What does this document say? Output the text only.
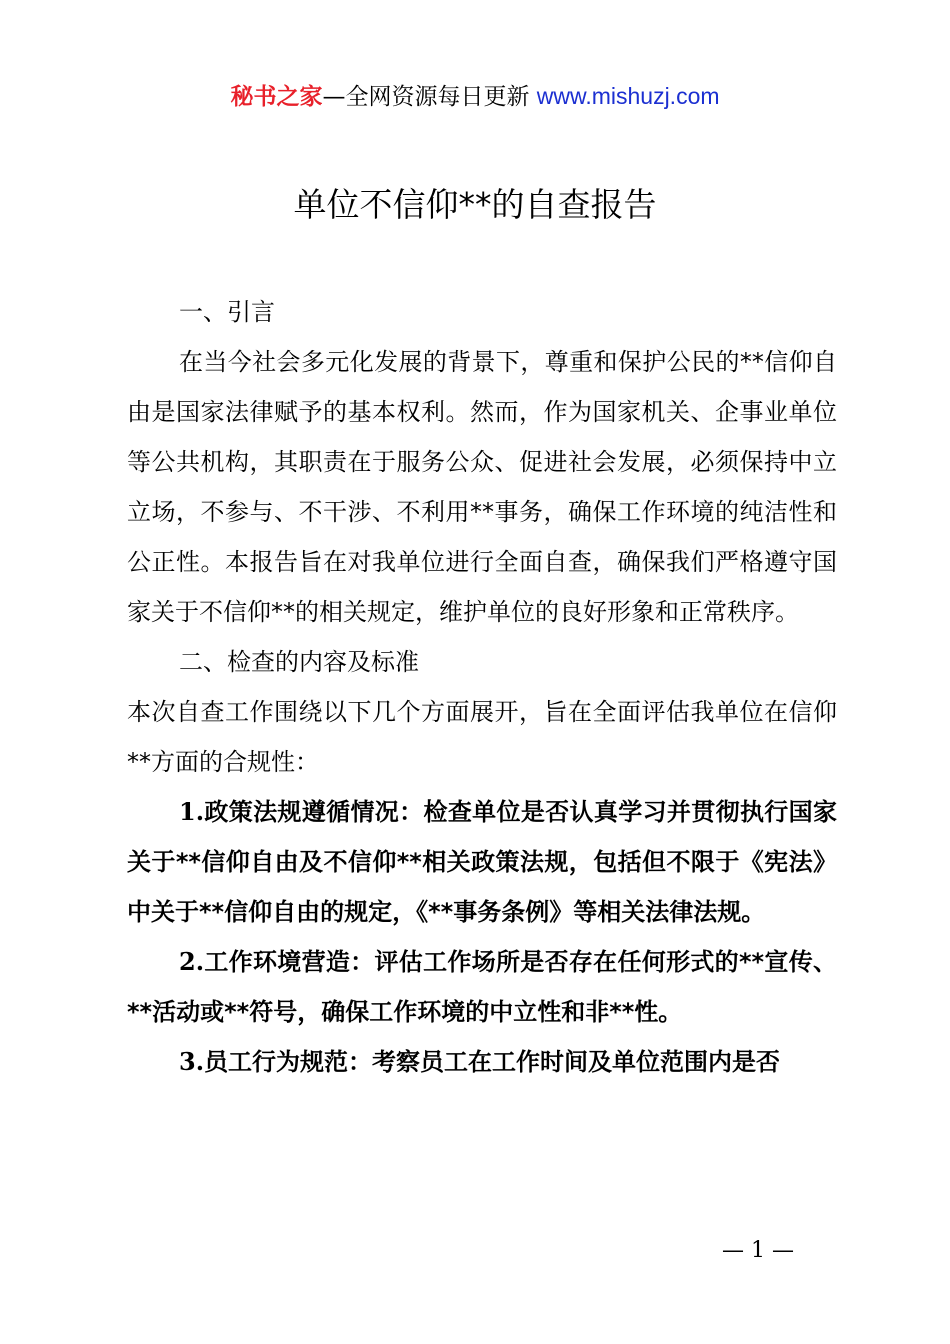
秘书之家—全网资源每日更新 www.mishuzj.com
单位不信仰**的自查报告

一、引言

在当今社会多元化发展的背景下，尊重和保护公民的**信仰自由是国家法律赋予的基本权利。然而，作为国家机关、企事业单位等公共机构，其职责在于服务公众、促进社会发展，必须保持中立立场，不参与、不干涉、不利用**事务，确保工作环境的纯洁性和公正性。本报告旨在对我单位进行全面自查，确保我们严格遵守国家关于不信仰**的相关规定，维护单位的良好形象和正常秩序。

二、检查的内容及标准

本次自查工作围绕以下几个方面展开，旨在全面评估我单位在信仰**方面的合规性：

1.政策法规遵循情况：检查单位是否认真学习并贯彻执行国家关于**信仰自由及不信仰**相关政策法规，包括但不限于《宪法》中关于**信仰自由的规定，《**事务条例》等相关法律法规。

2.工作环境营造：评估工作场所是否存在任何形式的**宣传、**活动或**符号，确保工作环境的中立性和非**性。

3.员工行为规范：考察员工在工作时间及单位范围内是否

— 1 —
